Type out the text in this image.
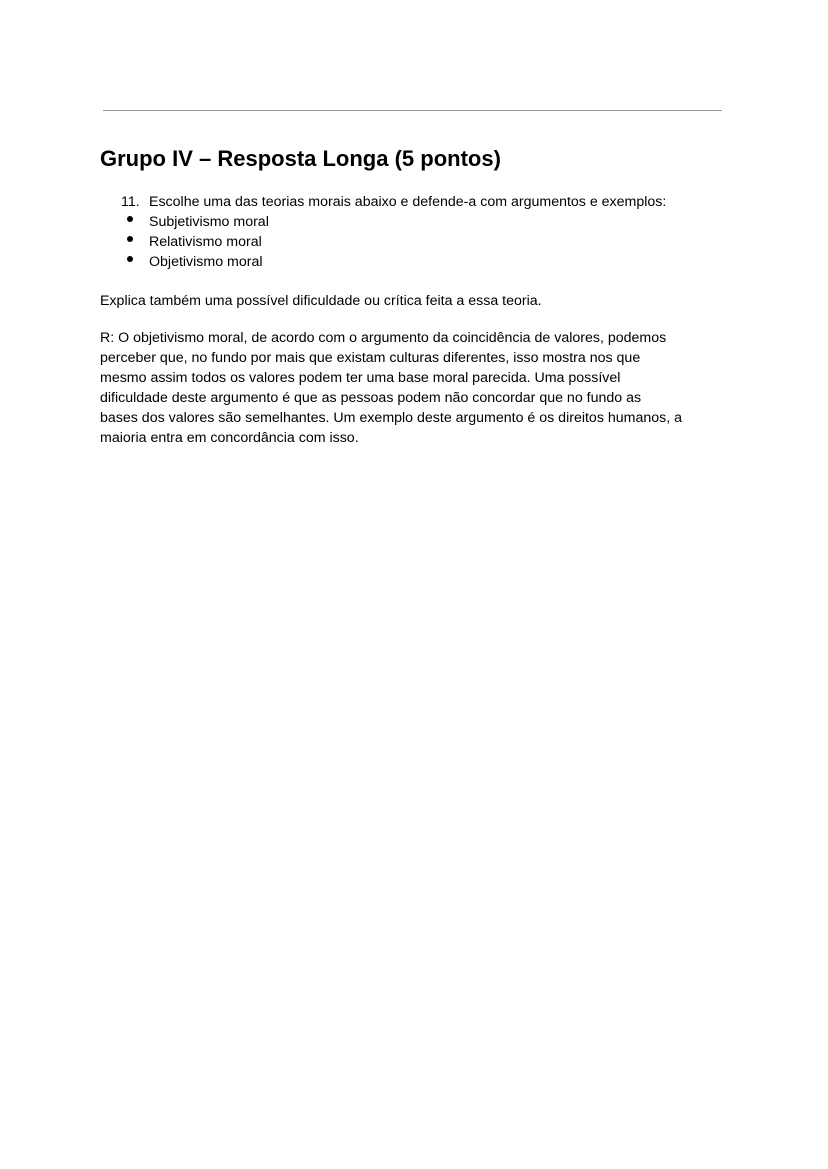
Grupo IV – Resposta Longa (5 pontos)
11. Escolhe uma das teorias morais abaixo e defende-a com argumentos e exemplos:
Subjetivismo moral
Relativismo moral
Objetivismo moral

Explica também uma possível dificuldade ou crítica feita a essa teoria.

R: O objetivismo moral, de acordo com o argumento da coincidência de valores, podemos
perceber que, no fundo por mais que existam culturas diferentes, isso mostra nos que
mesmo assim todos os valores podem ter uma base moral parecida. Uma possível
dificuldade deste argumento é que as pessoas podem não concordar que no fundo as
bases dos valores são semelhantes. Um exemplo deste argumento é os direitos humanos, a
maioria entra em concordância com isso.
